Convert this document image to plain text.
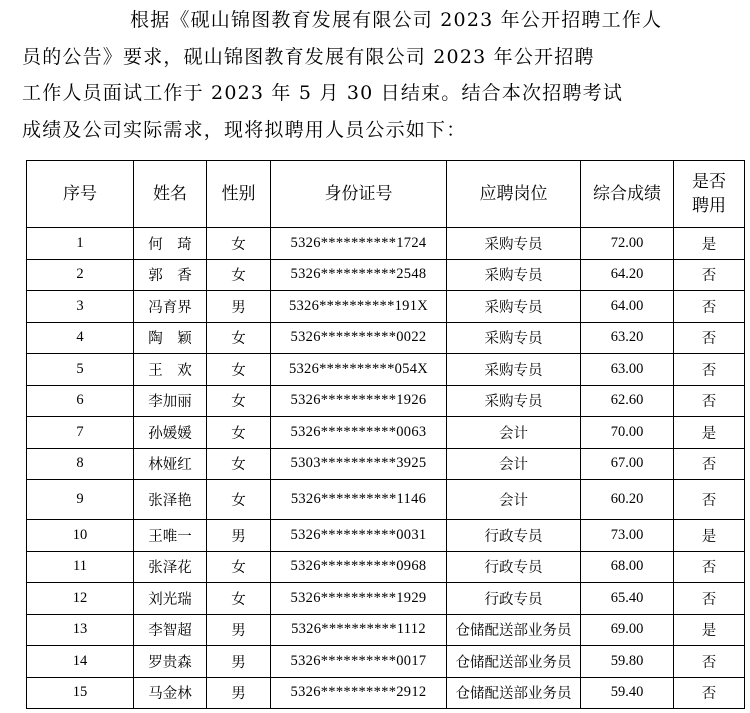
根据《砚山锦图教育发展有限公司 2023 年公开招聘工作人
员的公告》要求，砚山锦图教育发展有限公司 2023 年公开招聘
工作人员面试工作于 2023 年 5 月 30 日结束。结合本次招聘考试
成绩及公司实际需求，现将拟聘用人员公示如下：
序号	姓名	性别	身份证号	应聘岗位	综合成绩	是否
聘用
1	何　琦	女	5326**********1724	采购专员	72.00	是
2	郭　香	女	5326**********2548	采购专员	64.20	否
3	冯育界	男	5326**********191X	采购专员	64.00	否
4	陶　颖	女	5326**********0022	采购专员	63.20	否
5	王　欢	女	5326**********054X	采购专员	63.00	否
6	李加丽	女	5326**********1926	采购专员	62.60	否
7	孙媛媛	女	5326**********0063	会计	70.00	是
8	林娅红	女	5303**********3925	会计	67.00	否
9	张泽艳	女	5326**********1146	会计	60.20	否
10	王唯一	男	5326**********0031	行政专员	73.00	是
11	张泽花	女	5326**********0968	行政专员	68.00	否
12	刘光瑞	女	5326**********1929	行政专员	65.40	否
13	李智超	男	5326**********1112	仓储配送部业务员	69.00	是
14	罗贵森	男	5326**********0017	仓储配送部业务员	59.80	否
15	马金林	男	5326**********2912	仓储配送部业务员	59.40	否
